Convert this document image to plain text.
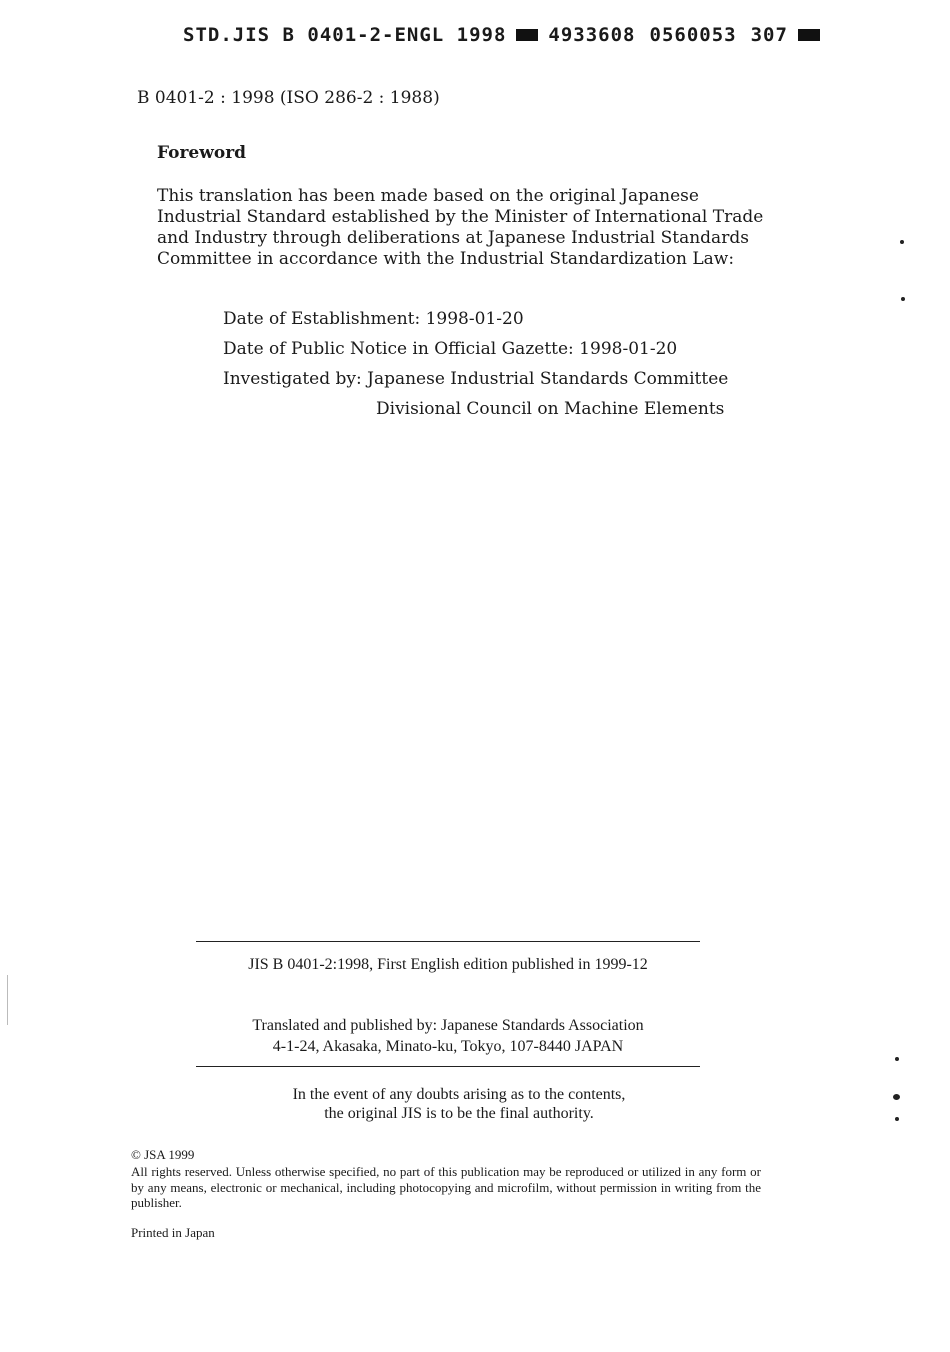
STD.JIS B 0401-2-ENGL 1998 4933608 0560053 307
B 0401-2 : 1998 (ISO 286-2 : 1988)
Foreword
This translation has been made based on the original Japanese Industrial Standard established by the Minister of International Trade and Industry through deliberations at Japanese Industrial Standards Committee in accordance with the Industrial Standardization Law:
Date of Establishment: 1998-01-20
Date of Public Notice in Official Gazette: 1998-01-20
Investigated by: Japanese Industrial Standards Committee
Divisional Council on Machine Elements
JIS B 0401-2:1998, First English edition published in 1999-12
Translated and published by: Japanese Standards Association
4-1-24, Akasaka, Minato-ku, Tokyo, 107-8440 JAPAN
In the event of any doubts arising as to the contents,
the original JIS is to be the final authority.
© JSA 1999
All rights reserved. Unless otherwise specified, no part of this publication may be reproduced or utilized in any form or by any means, electronic or mechanical, including photocopying and microfilm, without permission in writing from the publisher.
Printed in Japan
